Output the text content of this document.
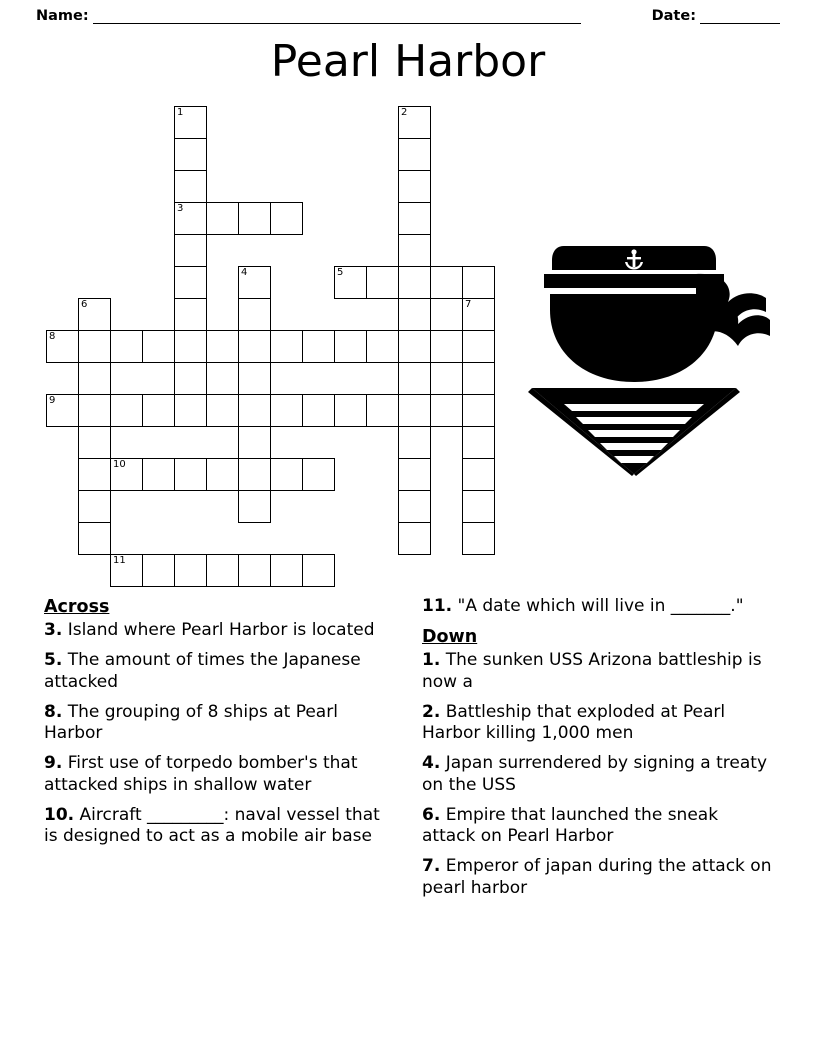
Name:	Date:
Pearl Harbor
1	2
3
4	5
6	7
8
9
10
11
Across

3. Island where Pearl Harbor is located

5. The amount of times the Japanese attacked

8. The grouping of 8 ships at Pearl Harbor

9. First use of torpedo bomber's that attacked ships in shallow water

10. Aircraft _________: naval vessel that is designed to act as a mobile air base

11. "A date which will live in _______."

Down

1. The sunken USS Arizona battleship is now a

2. Battleship that exploded at Pearl Harbor killing 1,000 men

4. Japan surrendered by signing a treaty on the USS

6. Empire that launched the sneak attack on Pearl Harbor

7. Emperor of japan during the attack on pearl harbor
